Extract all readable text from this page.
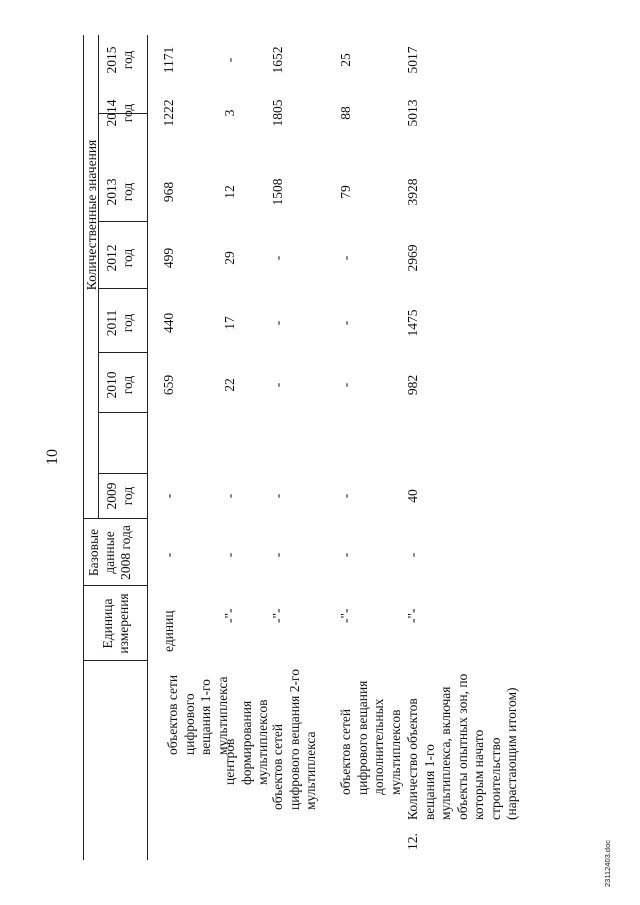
10
Единица измерения
Базовые данные 2008 года
Количественные значения
2009 год
2010 год
2011 год
2012 год
2013 год
2014 год
2015 год
объектов сети цифрового вещания 1-го мультиплекса
единиц
-
-
659
440
499
968
1222
1171
центров формирования мультиплексов
-"-
-
-
22
17
29
12
3
-
объектов сетей цифрового вещания 2-го мультиплекса
-"-
-
-
-
-
-
1508
1805
1652
объектов сетей цифрового вещания дополнительных мультиплексов
-"-
-
-
-
-
-
79
88
25
12.
Количество объектов вещания 1-го мультиплекса, включая объекты опытных зон, по которым начато строительство (нарастающим итогом)
-"-
-
40
982
1475
2969
3928
5013
5017
23112403.doc
